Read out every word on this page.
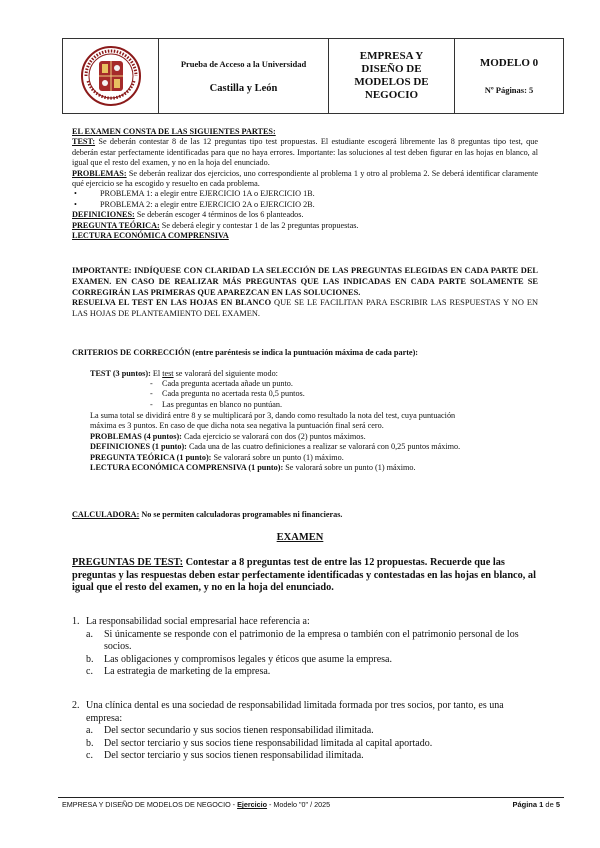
Prueba de Acceso a la Universidad
Castilla y León
EMPRESA Y
DISEÑO DE
MODELOS DE
NEGOCIO
MODELO 0
Nº Páginas: 5
EL EXAMEN CONSTA DE LAS SIGUIENTES PARTES:
TEST: Se deberán contestar 8 de las 12 preguntas tipo test propuestas. El estudiante escogerá libremente las 8 preguntas tipo test, que deberán estar perfectamente identificadas para que no haya errores. Importante: las soluciones al test deben figurar en las hojas en blanco, al igual que el resto del examen, y no en la hoja del enunciado.
PROBLEMAS: Se deberán realizar dos ejercicios, uno correspondiente al problema 1 y otro al problema 2. Se deberá identificar claramente qué ejercicio se ha escogido y resuelto en cada problema.
• PROBLEMA 1: a elegir entre EJERCICIO 1A o EJERCICIO 1B.
• PROBLEMA 2: a elegir entre EJERCICIO 2A o EJERCICIO 2B.
DEFINICIONES: Se deberán escoger 4 términos de los 6 planteados.
PREGUNTA TEÓRICA: Se deberá elegir y contestar 1 de las 2 preguntas propuestas.
LECTURA ECONÓMICA COMPRENSIVA
IMPORTANTE: INDÍQUESE CON CLARIDAD LA SELECCIÓN DE LAS PREGUNTAS ELEGIDAS EN CADA PARTE DEL EXAMEN. EN CASO DE REALIZAR MÁS PREGUNTAS QUE LAS INDICADAS EN CADA PARTE SOLAMENTE SE CORREGIRÁN LAS PRIMERAS QUE APAREZCAN EN LAS SOLUCIONES.
RESUELVA EL TEST EN LAS HOJAS EN BLANCO QUE SE LE FACILITAN PARA ESCRIBIR LAS RESPUESTAS Y NO EN LAS HOJAS DE PLANTEAMIENTO DEL EXAMEN.
CRITERIOS DE CORRECCIÓN (entre paréntesis se indica la puntuación máxima de cada parte):
TEST (3 puntos): El test se valorará del siguiente modo:
- Cada pregunta acertada añade un punto.
- Cada pregunta no acertada resta 0,5 puntos.
- Las preguntas en blanco no puntúan.
La suma total se dividirá entre 8 y se multiplicará por 3, dando como resultado la nota del test, cuya puntuación máxima es 3 puntos. En caso de que dicha nota sea negativa la puntuación final será cero.
PROBLEMAS (4 puntos): Cada ejercicio se valorará con dos (2) puntos máximos.
DEFINICIONES (1 punto): Cada una de las cuatro definiciones a realizar se valorará con 0,25 puntos máximo.
PREGUNTA TEÓRICA (1 punto): Se valorará sobre un punto (1) máximo.
LECTURA ECONÓMICA COMPRENSIVA (1 punto): Se valorará sobre un punto (1) máximo.
CALCULADORA: No se permiten calculadoras programables ni financieras.
EXAMEN
PREGUNTAS DE TEST: Contestar a 8 preguntas test de entre las 12 propuestas. Recuerde que las preguntas y las respuestas deben estar perfectamente identificadas y contestadas en las hojas en blanco, al igual que el resto del examen, y no en la hoja del enunciado.
1. La responsabilidad social empresarial hace referencia a:
a. Si únicamente se responde con el patrimonio de la empresa o también con el patrimonio personal de los socios.
b. Las obligaciones y compromisos legales y éticos que asume la empresa.
c. La estrategia de marketing de la empresa.
2. Una clínica dental es una sociedad de responsabilidad limitada formada por tres socios, por tanto, es una empresa:
a. Del sector secundario y sus socios tienen responsabilidad ilimitada.
b. Del sector terciario y sus socios tiene responsabilidad limitada al capital aportado.
c. Del sector terciario y sus socios tienen responsabilidad ilimitada.
EMPRESA Y DISEÑO DE MODELOS DE NEGOCIO - Ejercicio - Modelo "0" / 2025	Página 1 de 5
